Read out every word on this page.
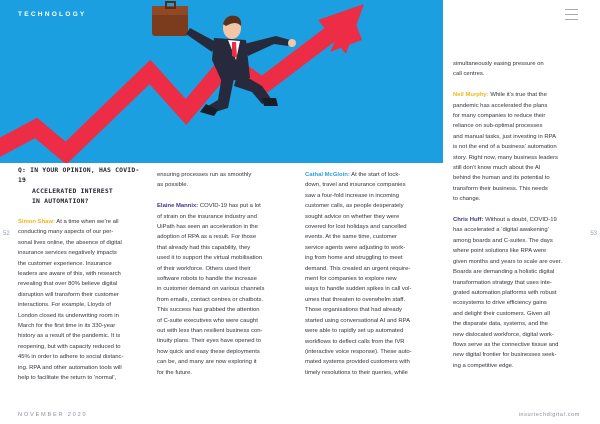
TECHNOLOGY
52	53
Q: IN YOUR OPINION, HAS COVID-19
ACCELERATED INTEREST
IN AUTOMATION?

Simon Shaw: At a time when we’re all

conducting many aspects of our per-

sonal lives online, the absence of digital

insurance services negatively impacts

the customer experience. Insurance

leaders are aware of this, with research

revealing that over 80% believe digital

disruption will transform their customer

interactions. For example, Lloyds of

London closed its underwriting room in

March for the first time in its 330-year

history as a result of the pandemic. It is

reopening, but with capacity reduced to

45% in order to adhere to social distanc-

ing. RPA and other automation tools will

help to facilitate the return to ‘normal’,

ensuring processes run as smoothly

as possible.

Elaine Mannix: COVID-19 has put a lot

of strain on the insurance industry and

UiPath has seen an acceleration in the

adoption of RPA as a result. For those

that already had this capability, they

used it to support the virtual mobilisation

of their workforce. Others used their

software robots to handle the increase

in customer demand on various channels

from emails, contact centres or chatbots.

This success has grabbed the attention

of C-suite executives who were caught

out with less than resilient business con-

tinuity plans. Their eyes have opened to

how quick and easy these deployments

can be, and many are now exploring it

for the future.

Cathal McGloin: At the start of lock-

down, travel and insurance companies

saw a four-fold increase in incoming

customer calls, as people desperately

sought advice on whether they were

covered for lost holidays and cancelled

events. At the same time, customer

service agents were adjusting to work-

ing from home and struggling to meet

demand. This created an urgent require-

ment for companies to explore new

ways to handle sudden spikes in call vol-

umes that threaten to overwhelm staff.

Those organisations that had already

started using conversational AI and RPA

were able to rapidly set up automated

workflows to deflect calls from the IVR

(interactive voice response). These auto-

mated systems provided customers with

timely resolutions to their queries, while

simultaneously easing pressure on

call centres.

Neil Murphy: While it’s true that the

pandemic has accelerated the plans

for many companies to reduce their

reliance on sub-optimal processes

and manual tasks, just investing in RPA

is not the end of a business’ automation

story. Right now, many business leaders

still don’t know much about the AI

behind the human and its potential to

transform their business. This needs

to change.

Chris Huff: Without a doubt, COVID-19

has accelerated a ‘digital awakening’

among boards and C-suites. The days

where point solutions like RPA were

given months and years to scale are over.

Boards are demanding a holistic digital

transformation strategy that uses inte-

grated automation platforms with robust

ecosystems to drive efficiency gains

and delight their customers. Given all

the disparate data, systems, and the

new dislocated workforce, digital work-

flows serve as the connective tissue and

new digital frontier for businesses seek-

ing a competitive edge.

NOVEMBER 2020	insurtechdigital.com
